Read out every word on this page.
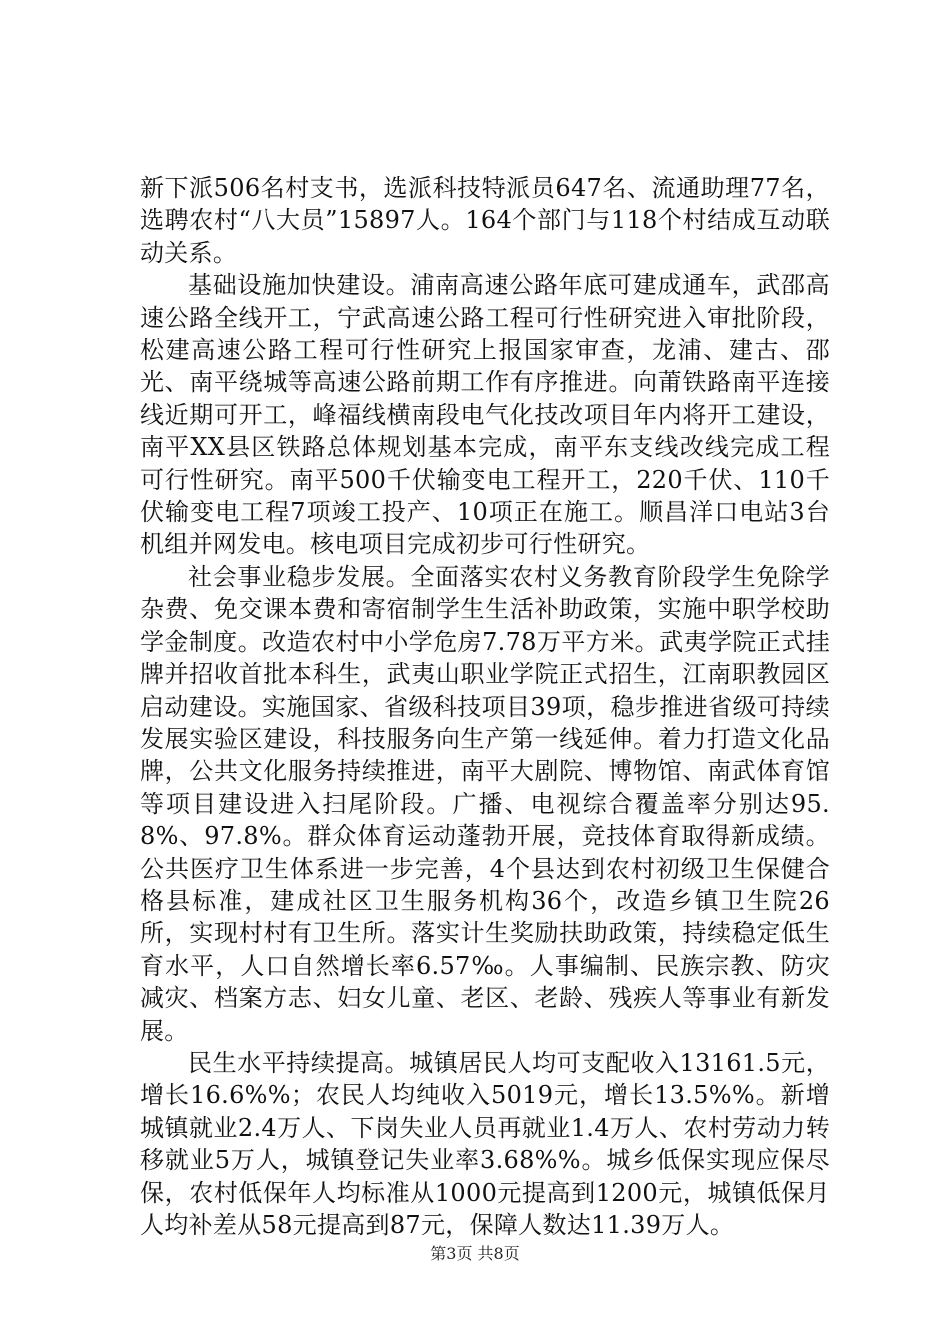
新下派506名村支书，选派科技特派员647名、流通助理77名，选聘农村“八大员”15897人。164个部门与118个村结成互动联动关系。

基础设施加快建设。浦南高速公路年底可建成通车，武邵高速公路全线开工，宁武高速公路工程可行性研究进入审批阶段，松建高速公路工程可行性研究上报国家审查，龙浦、建古、邵光、南平绕城等高速公路前期工作有序推进。向莆铁路南平连接线近期可开工，峰福线横南段电气化技改项目年内将开工建设，南平XX县区铁路总体规划基本完成，南平东支线改线完成工程可行性研究。南平500千伏输变电工程开工，220千伏、110千伏输变电工程7项竣工投产、10项正在施工。顺昌洋口电站3台机组并网发电。核电项目完成初步可行性研究。

社会事业稳步发展。全面落实农村义务教育阶段学生免除学杂费、免交课本费和寄宿制学生生活补助政策，实施中职学校助学金制度。改造农村中小学危房7.78万平方米。武夷学院正式挂牌并招收首批本科生，武夷山职业学院正式招生，江南职教园区启动建设。实施国家、省级科技项目39项，稳步推进省级可持续发展实验区建设，科技服务向生产第一线延伸。着力打造文化品牌，公共文化服务持续推进，南平大剧院、博物馆、南武体育馆等项目建设进入扫尾阶段。广播、电视综合覆盖率分别达95.8%、97.8%。群众体育运动蓬勃开展，竞技体育取得新成绩。公共医疗卫生体系进一步完善，4个县达到农村初级卫生保健合格县标准，建成社区卫生服务机构36个，改造乡镇卫生院26所，实现村村有卫生所。落实计生奖励扶助政策，持续稳定低生育水平，人口自然增长率6.57‰。人事编制、民族宗教、防灾减灾、档案方志、妇女儿童、老区、老龄、残疾人等事业有新发展。

民生水平持续提高。城镇居民人均可支配收入13161.5元，增长16.6%%；农民人均纯收入5019元，增长13.5%%。新增城镇就业2.4万人、下岗失业人员再就业1.4万人、农村劳动力转移就业5万人，城镇登记失业率3.68%%。城乡低保实现应保尽保，农村低保年人均标准从1000元提高到1200元，城镇低保月人均补差从58元提高到87元，保障人数达11.39万人。

第3页 共8页
